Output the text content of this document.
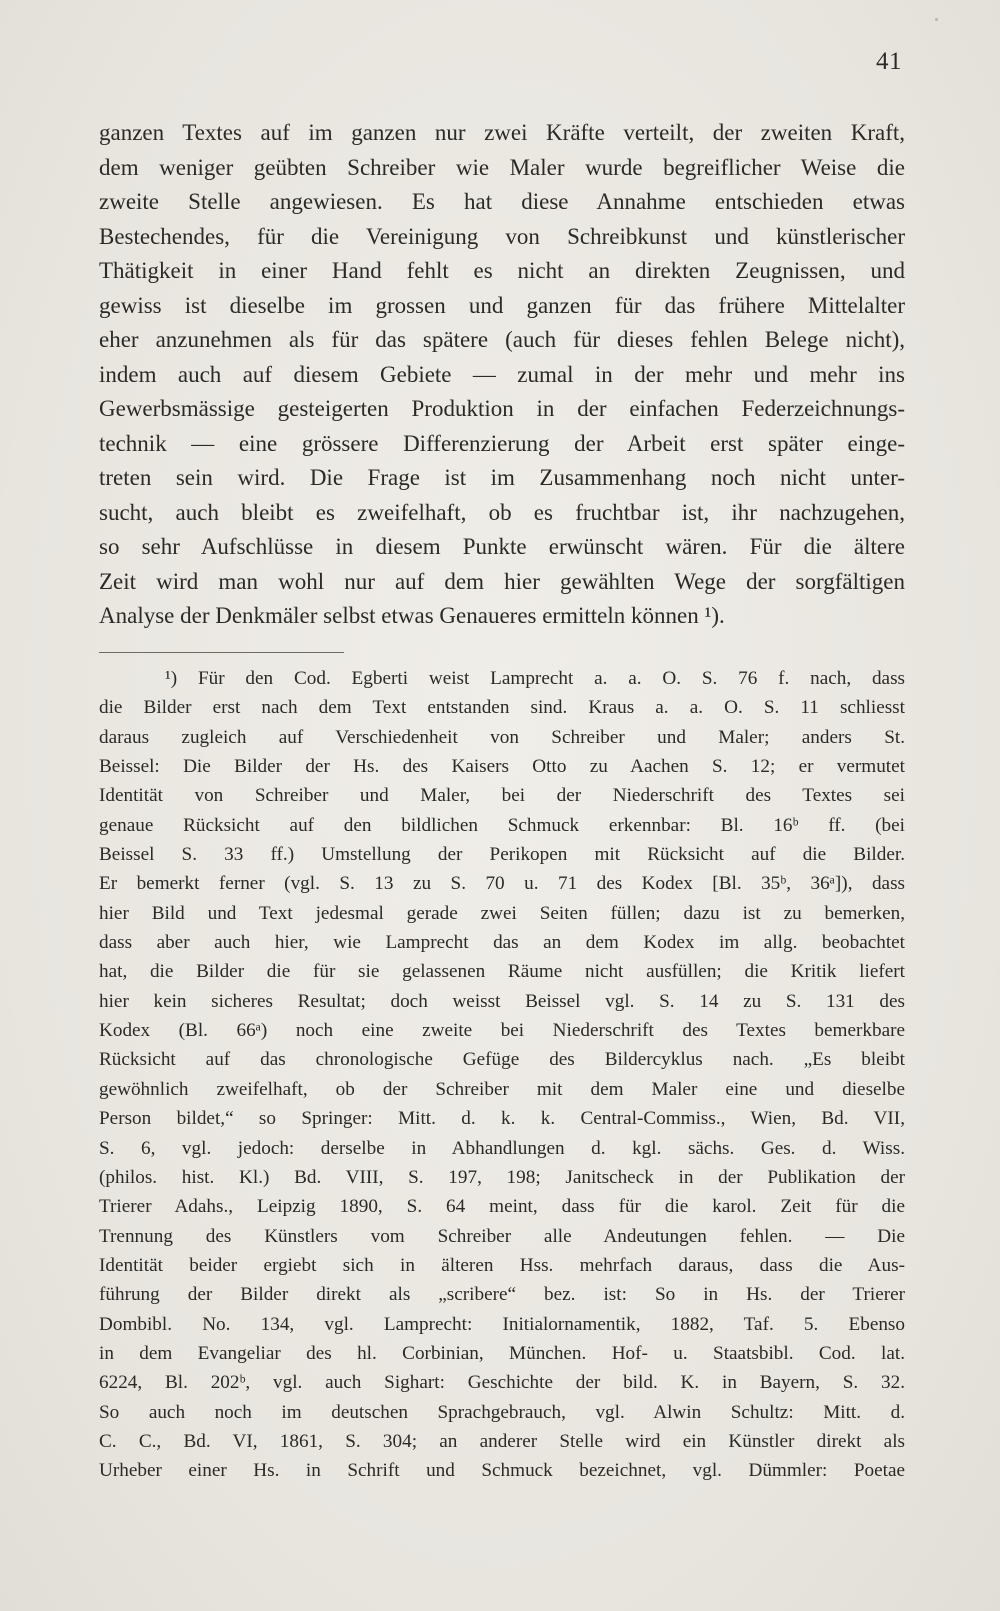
41
ganzen Textes auf im ganzen nur zwei Kräfte verteilt, der zweiten Kraft,
dem weniger geübten Schreiber wie Maler wurde begreiflicher Weise die
zweite Stelle angewiesen. Es hat diese Annahme entschieden etwas
Bestechendes, für die Vereinigung von Schreibkunst und künstlerischer
Thätigkeit in einer Hand fehlt es nicht an direkten Zeugnissen, und
gewiss ist dieselbe im grossen und ganzen für das frühere Mittelalter
eher anzunehmen als für das spätere (auch für dieses fehlen Belege nicht),
indem auch auf diesem Gebiete — zumal in der mehr und mehr ins
Gewerbsmässige gesteigerten Produktion in der einfachen Federzeichnungs-
technik — eine grössere Differenzierung der Arbeit erst später einge-
treten sein wird. Die Frage ist im Zusammenhang noch nicht unter-
sucht, auch bleibt es zweifelhaft, ob es fruchtbar ist, ihr nachzugehen,
so sehr Aufschlüsse in diesem Punkte erwünscht wären. Für die ältere
Zeit wird man wohl nur auf dem hier gewählten Wege der sorgfältigen
Analyse der Denkmäler selbst etwas Genaueres ermitteln können ¹).
¹) Für den Cod. Egberti weist Lamprecht a. a. O. S. 76 f. nach, dass
die Bilder erst nach dem Text entstanden sind. Kraus a. a. O. S. 11 schliesst
daraus zugleich auf Verschiedenheit von Schreiber und Maler; anders St.
Beissel: Die Bilder der Hs. des Kaisers Otto zu Aachen S. 12; er vermutet
Identität von Schreiber und Maler, bei der Niederschrift des Textes sei
genaue Rücksicht auf den bildlichen Schmuck erkennbar: Bl. 16ᵇ ff. (bei
Beissel S. 33 ff.) Umstellung der Perikopen mit Rücksicht auf die Bilder.
Er bemerkt ferner (vgl. S. 13 zu S. 70 u. 71 des Kodex [Bl. 35ᵇ, 36ᵃ]), dass
hier Bild und Text jedesmal gerade zwei Seiten füllen; dazu ist zu bemerken,
dass aber auch hier, wie Lamprecht das an dem Kodex im allg. beobachtet
hat, die Bilder die für sie gelassenen Räume nicht ausfüllen; die Kritik liefert
hier kein sicheres Resultat; doch weisst Beissel vgl. S. 14 zu S. 131 des
Kodex (Bl. 66ᵃ) noch eine zweite bei Niederschrift des Textes bemerkbare
Rücksicht auf das chronologische Gefüge des Bildercyklus nach. „Es bleibt
gewöhnlich zweifelhaft, ob der Schreiber mit dem Maler eine und dieselbe
Person bildet,“ so Springer: Mitt. d. k. k. Central-Commiss., Wien, Bd. VII,
S. 6, vgl. jedoch: derselbe in Abhandlungen d. kgl. sächs. Ges. d. Wiss.
(philos. hist. Kl.) Bd. VIII, S. 197, 198; Janitscheck in der Publikation der
Trierer Adahs., Leipzig 1890, S. 64 meint, dass für die karol. Zeit für die
Trennung des Künstlers vom Schreiber alle Andeutungen fehlen. — Die
Identität beider ergiebt sich in älteren Hss. mehrfach daraus, dass die Aus-
führung der Bilder direkt als „scribere“ bez. ist: So in Hs. der Trierer
Dombibl. No. 134, vgl. Lamprecht: Initialornamentik, 1882, Taf. 5. Ebenso
in dem Evangeliar des hl. Corbinian, München. Hof- u. Staatsbibl. Cod. lat.
6224, Bl. 202ᵇ, vgl. auch Sighart: Geschichte der bild. K. in Bayern, S. 32.
So auch noch im deutschen Sprachgebrauch, vgl. Alwin Schultz: Mitt. d.
C. C., Bd. VI, 1861, S. 304; an anderer Stelle wird ein Künstler direkt als
Urheber einer Hs. in Schrift und Schmuck bezeichnet, vgl. Dümmler: Poetae
